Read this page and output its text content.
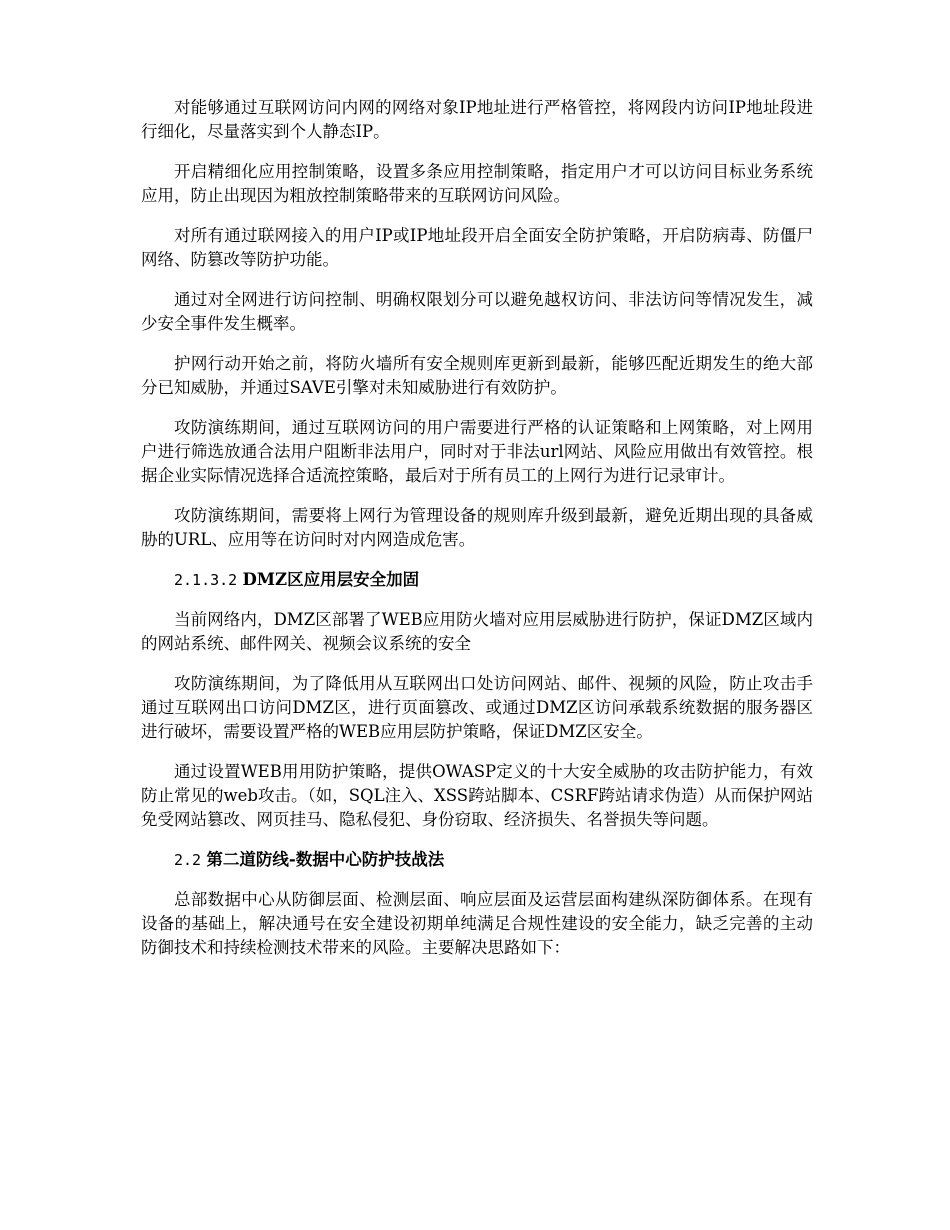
对能够通过互联网访问内网的网络对象IP地址进行严格管控，将网段内访问IP地址段进行细化，尽量落实到个人静态IP。

开启精细化应用控制策略，设置多条应用控制策略，指定用户才可以访问目标业务系统应用，防止出现因为粗放控制策略带来的互联网访问风险。

对所有通过联网接入的用户IP或IP地址段开启全面安全防护策略，开启防病毒、防僵尸网络、防篡改等防护功能。

通过对全网进行访问控制、明确权限划分可以避免越权访问、非法访问等情况发生，减少安全事件发生概率。

护网行动开始之前，将防火墙所有安全规则库更新到最新，能够匹配近期发生的绝大部分已知威胁，并通过SAVE引擎对未知威胁进行有效防护。

攻防演练期间，通过互联网访问的用户需要进行严格的认证策略和上网策略，对上网用户进行筛选放通合法用户阻断非法用户，同时对于非法url网站、风险应用做出有效管控。根据企业实际情况选择合适流控策略，最后对于所有员工的上网行为进行记录审计。

攻防演练期间，需要将上网行为管理设备的规则库升级到最新，避免近期出现的具备威胁的URL、应用等在访问时对内网造成危害。

2.1.3.2 DMZ区应用层安全加固

当前网络内，DMZ区部署了WEB应用防火墙对应用层威胁进行防护，保证DMZ区域内的网站系统、邮件网关、视频会议系统的安全

攻防演练期间，为了降低用从互联网出口处访问网站、邮件、视频的风险，防止攻击手通过互联网出口访问DMZ区，进行页面篡改、或通过DMZ区访问承载系统数据的服务器区进行破坏，需要设置严格的WEB应用层防护策略，保证DMZ区安全。

通过设置WEB用用防护策略，提供OWASP定义的十大安全威胁的攻击防护能力，有效防止常见的web攻击。（如，SQL注入、XSS跨站脚本、CSRF跨站请求伪造）从而保护网站免受网站篡改、网页挂马、隐私侵犯、身份窃取、经济损失、名誉损失等问题。

2.2 第二道防线-数据中心防护技战法

总部数据中心从防御层面、检测层面、响应层面及运营层面构建纵深防御体系。在现有设备的基础上，解决通号在安全建设初期单纯满足合规性建设的安全能力，缺乏完善的主动防御技术和持续检测技术带来的风险。主要解决思路如下：
